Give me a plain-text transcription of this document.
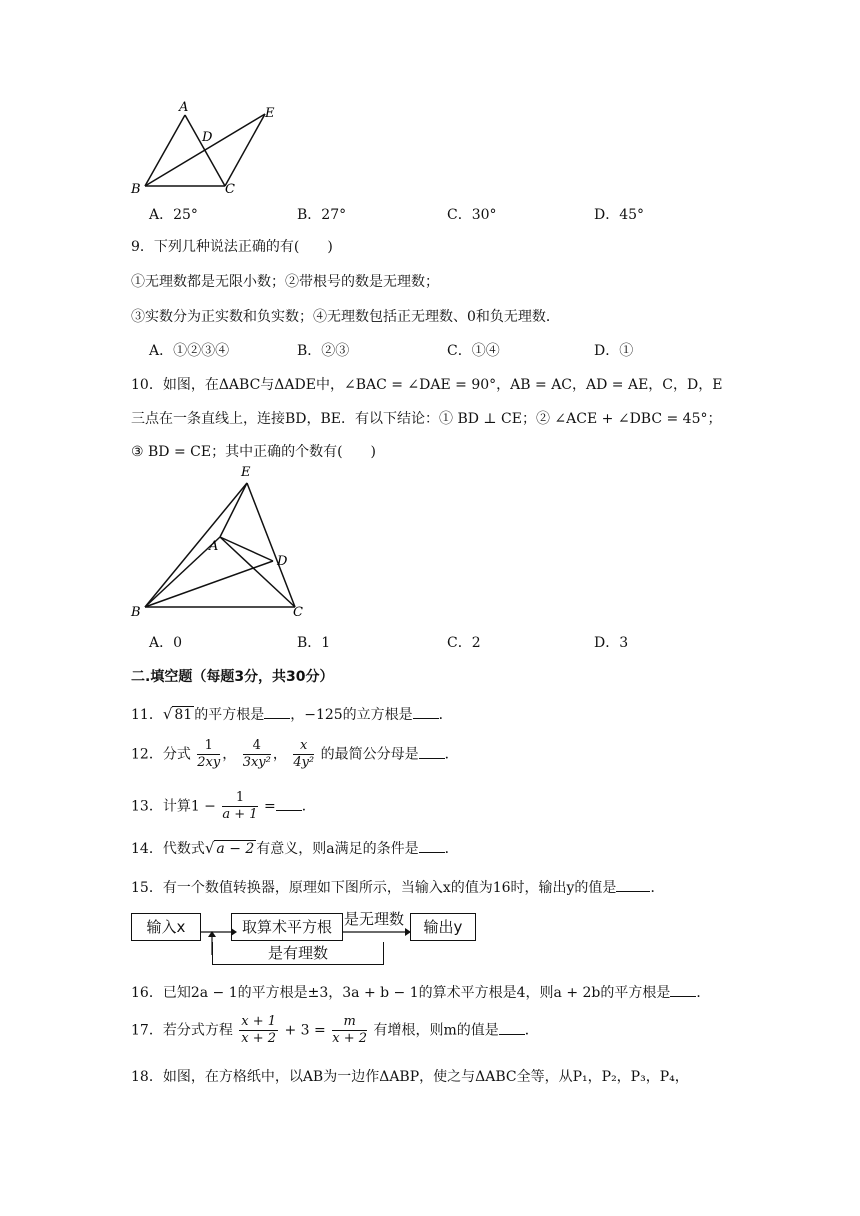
A	E
D
B	C
A．25°	B．27°	C．30°	D．45°
9．下列几种说法正确的有(　　)
①无理数都是无限小数；②带根号的数是无理数；
③实数分为正实数和负实数；④无理数包括正无理数、0和负无理数．
A．①②③④	B．②③	C．①④	D．①
10．如图，在ΔABC与ΔADE中，∠BAC = ∠DAE = 90°，AB = AC，AD = AE，C，D，E
三点在一条直线上，连接BD，BE．有以下结论：① BD ⊥ CE；② ∠ACE + ∠DBC = 45°；
③ BD = CE；其中正确的个数有(　　)
E
A
D
B	C
A．0	B．1	C．2	D．3
二.填空题（每题3分，共30分）
11．√ 81 的平方根是 ，−125的立方根是 ．
12．分式 $\frac{1}{2xy}$ ， $\frac{4}{\text{3xy²}}$ ， $\frac{x}{\text{4y²}}$ 的最简公分母是 ．
13．计算$1 - \frac{1}{a + 1}$ = ．
14．代数式√ a − 2 有意义，则a满足的条件是 ．
15．有一个数值转换器，原理如下图所示，当输入x的值为16时，输出y的值是 ．
输入x	取算术平方根	输出y
是有理数
是无理数
16．已知2a − 1的平方根是±3，3a + b − 1的算术平方根是4，则a + 2b的平方根是 ．
17．若分式方程 $\frac{x + 1}{x + 2} + 3 = \frac{m}{x + 2}$ 有增根，则m的值是 ．
18．如图，在方格纸中，以AB为一边作ΔABP，使之与ΔABC全等，从P₁，P₂，P₃，P₄，
